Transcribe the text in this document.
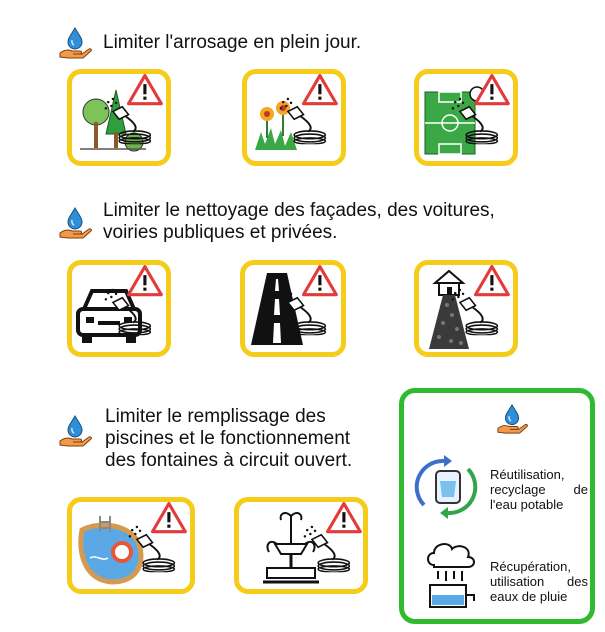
Limiter l'arrosage en plein jour.
Limiter le nettoyage des façades, des voitures,
voiries publiques et privées.
Limiter le remplissage des
piscines et le fonctionnement
des fontaines à circuit ouvert.
Réutilisation,
recyclage de
l'eau potable
Récupération,
utilisation des
eaux de pluie
